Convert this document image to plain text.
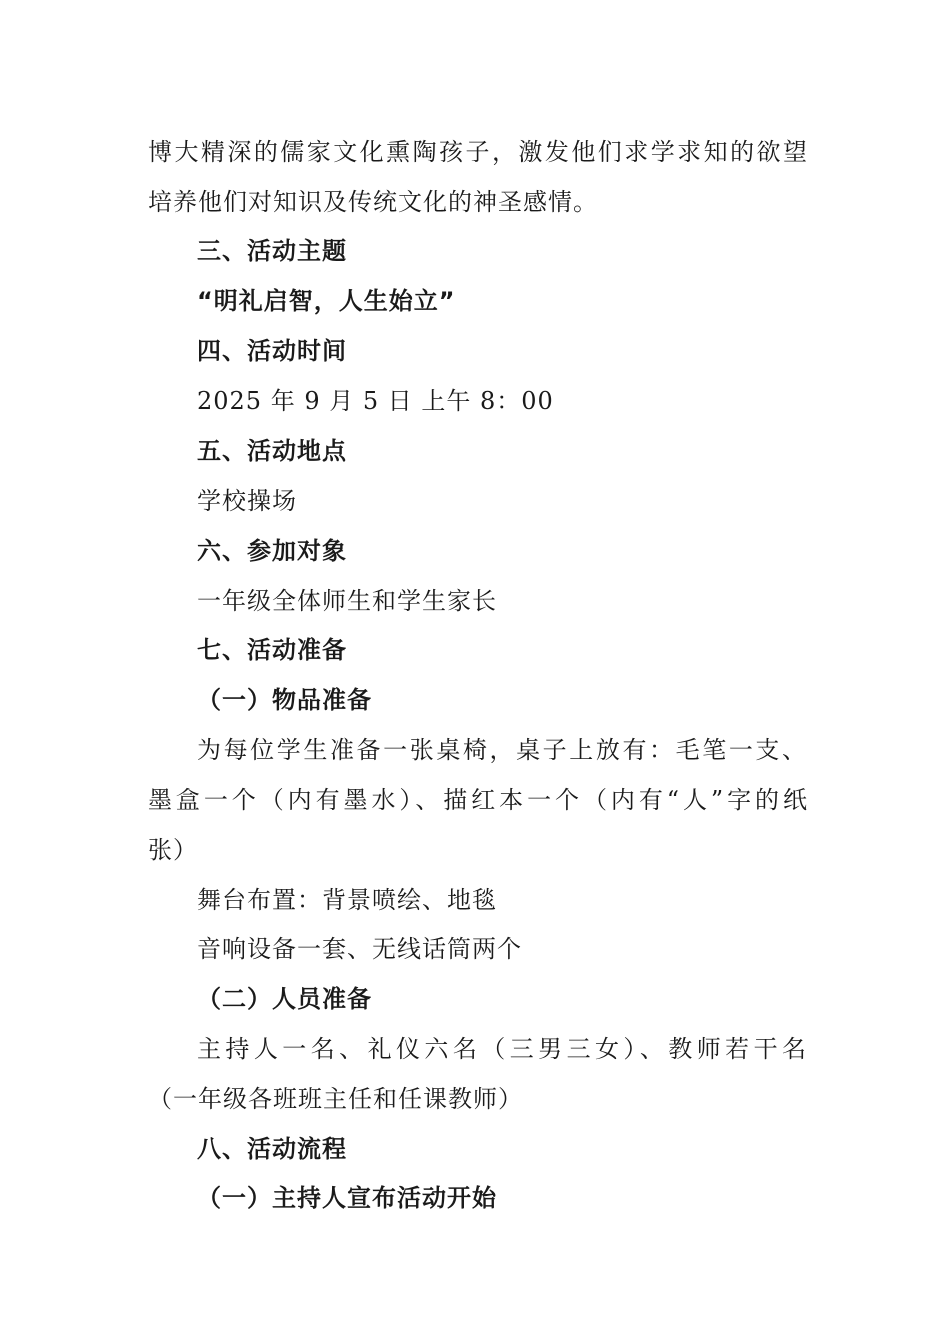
博大精深的儒家文化熏陶孩子，激发他们求学求知的欲望
培养他们对知识及传统文化的神圣感情。
三、活动主题
“明礼启智，人生始立”
四、活动时间
2025 年 9 月 5 日 上午 8：00
五、活动地点
学校操场
六、参加对象
一年级全体师生和学生家长
七、活动准备
（一）物品准备
为每位学生准备一张桌椅，桌子上放有：毛笔一支、
墨盒一个（内有墨水）、描红本一个（内有“人”字的纸
张）
舞台布置：背景喷绘、地毯
音响设备一套、无线话筒两个
（二）人员准备
主持人一名、礼仪六名（三男三女）、教师若干名
（一年级各班班主任和任课教师）
八、活动流程
（一）主持人宣布活动开始
